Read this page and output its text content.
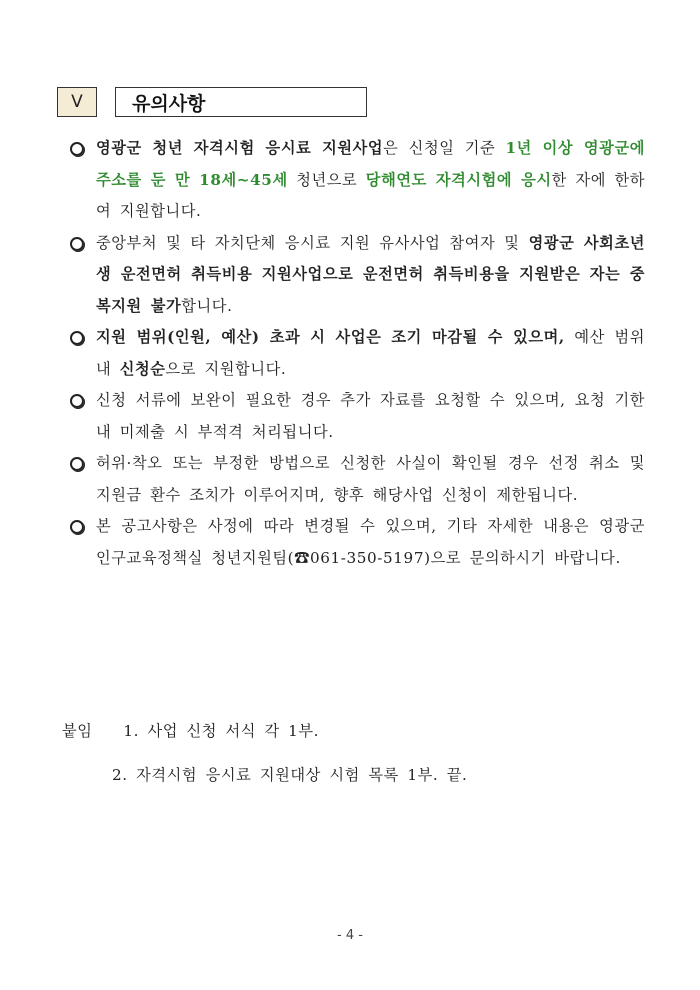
V	유의사항
영광군 청년 자격시험 응시료 지원사업은 신청일 기준 1년 이상 영광군에 주소를 둔 만 18세~45세 청년으로 당해연도 자격시험에 응시한 자에 한하여 지원합니다.
중앙부처 및 타 자치단체 응시료 지원 유사사업 참여자 및 영광군 사회초년생 운전면허 취득비용 지원사업으로 운전면허 취득비용을 지원받은 자는 중복지원 불가합니다.
지원 범위(인원, 예산) 초과 시 사업은 조기 마감될 수 있으며, 예산 범위 내 신청순으로 지원합니다.
신청 서류에 보완이 필요한 경우 추가 자료를 요청할 수 있으며, 요청 기한 내 미제출 시 부적격 처리됩니다.
허위·착오 또는 부정한 방법으로 신청한 사실이 확인될 경우 선정 취소 및 지원금 환수 조치가 이루어지며, 향후 해당사업 신청이 제한됩니다.
본 공고사항은 사정에 따라 변경될 수 있으며, 기타 자세한 내용은 영광군 인구교육정책실 청년지원팀(☎061-350-5197)으로 문의하시기 바랍니다.
붙임 1. 사업 신청 서식 각 1부.
2. 자격시험 응시료 지원대상 시험 목록 1부. 끝.
- 4 -
